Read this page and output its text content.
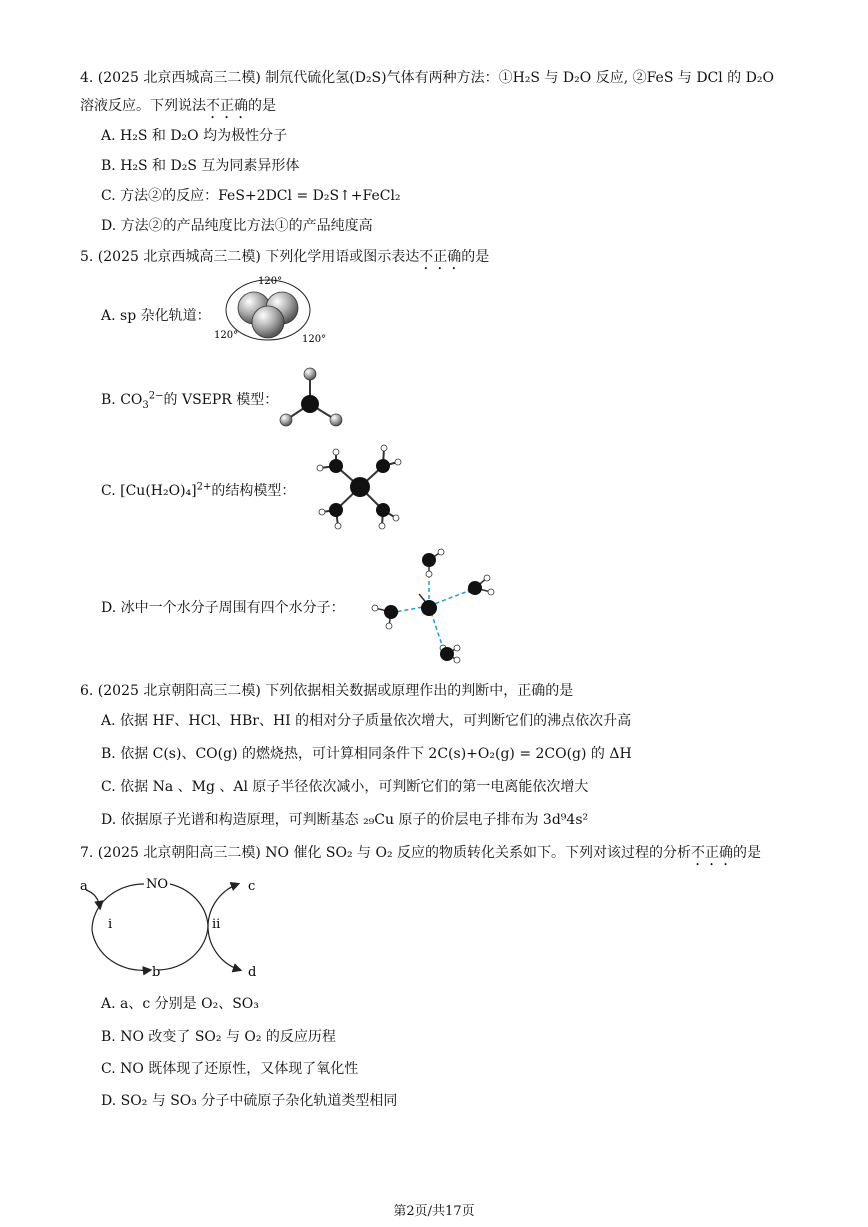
4. (2025 北京西城高三二模) 制氘代硫化氢(D₂S)气体有两种方法：①H₂S 与 D₂O 反应, ②FeS 与 DCl 的 D₂O
溶液反应。下列说法不正确的是
A. H₂S 和 D₂O 均为极性分子
B. H₂S 和 D₂S 互为同素异形体
C. 方法②的反应：FeS+2DCl = D₂S↑+FeCl₂
D. 方法②的产品纯度比方法①的产品纯度高
5. (2025 北京西城高三二模) 下列化学用语或图示表达不正确的是
A. sp 杂化轨道：
120°
120°	120°
B. $CO_3^{2-}$的 VSEPR 模型：
C. $[Cu(H_2O)_4]^{2+}$的结构模型：
D. 冰中一个水分子周围有四个水分子：
6. (2025 北京朝阳高三二模) 下列依据相关数据或原理作出的判断中，正确的是
A. 依据 HF、HCl、HBr、HI 的相对分子质量依次增大，可判断它们的沸点依次升高
B. 依据 C(s)、CO(g) 的燃烧热，可计算相同条件下 2C(s)+O₂(g) = 2CO(g) 的 ΔH
C. 依据 Na 、Mg 、Al 原子半径依次减小，可判断它们的第一电离能依次增大
D. 依据原子光谱和构造原理，可判断基态 ₂₉Cu 原子的价层电子排布为 3d⁹4s²
7. (2025 北京朝阳高三二模) NO 催化 SO₂ 与 O₂ 反应的物质转化关系如下。下列对该过程的分析不正确的是
NO
a
i	ii
b
c
d
A. a、c 分别是 O₂、SO₃
B. NO 改变了 SO₂ 与 O₂ 的反应历程
C. NO 既体现了还原性，又体现了氧化性
D. SO₂ 与 SO₃ 分子中硫原子杂化轨道类型相同
第2页/共17页
